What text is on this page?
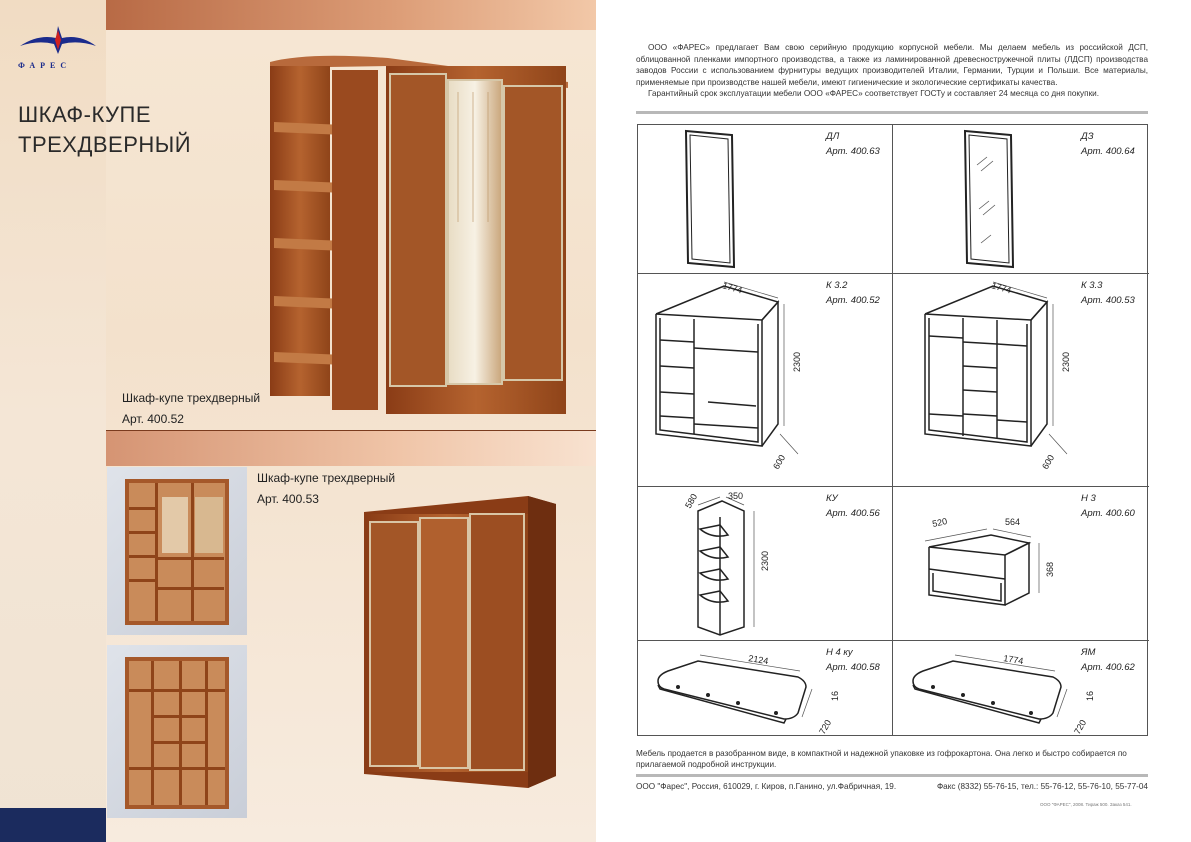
ФАРЕС
ШКАФ-КУПЕ
ТРЕХДВЕРНЫЙ
Шкаф-купе трехдверный
Арт. 400.52
Шкаф-купе трехдверный
Арт. 400.53

ООО «ФАРЕС» предлагает Вам свою серийную продукцию корпусной мебели. Мы делаем мебель из российской ДСП, облицованной пленками импортного производства, а также из ламинированной древесностружечной плиты (ЛДСП) производства заводов России с использованием фурнитуры ведущих производителей Италии, Германии, Турции и Польши. Все материалы, применяемые при производстве нашей мебели, имеют гигиенические и экологические сертификаты качества.

Гарантийный срок эксплуатации мебели ООО «ФАРЕС» соответствует ГОСТу и составляет 24 месяца со дня покупки.

ДЛ
Арт. 400.63
ДЗ
Арт. 400.64
1774
2300
600
К 3.2
Арт. 400.52
1774
2300
600
К 3.3
Арт. 400.53
580	350
2300
КУ
Арт. 400.56
520	564
368
Н 3
Арт. 400.60
2124
16
720
Н 4 ку
Арт. 400.58
1774
16
720
ЯМ
Арт. 400.62
Мебель продается в разобранном виде, в компактной и надежной упаковке из гофрокартона. Она легко и быстро собирается по прилагаемой подробной инструкции.
ООО "Фарес", Россия, 610029, г. Киров, п.Ганино, ул.Фабричная, 19.	Факс (8332) 55-76-15, тел.: 55-76-12, 55-76-10, 55-77-04
ООО "ФАРЕС", 2008. Тираж 500. Заказ 541.
